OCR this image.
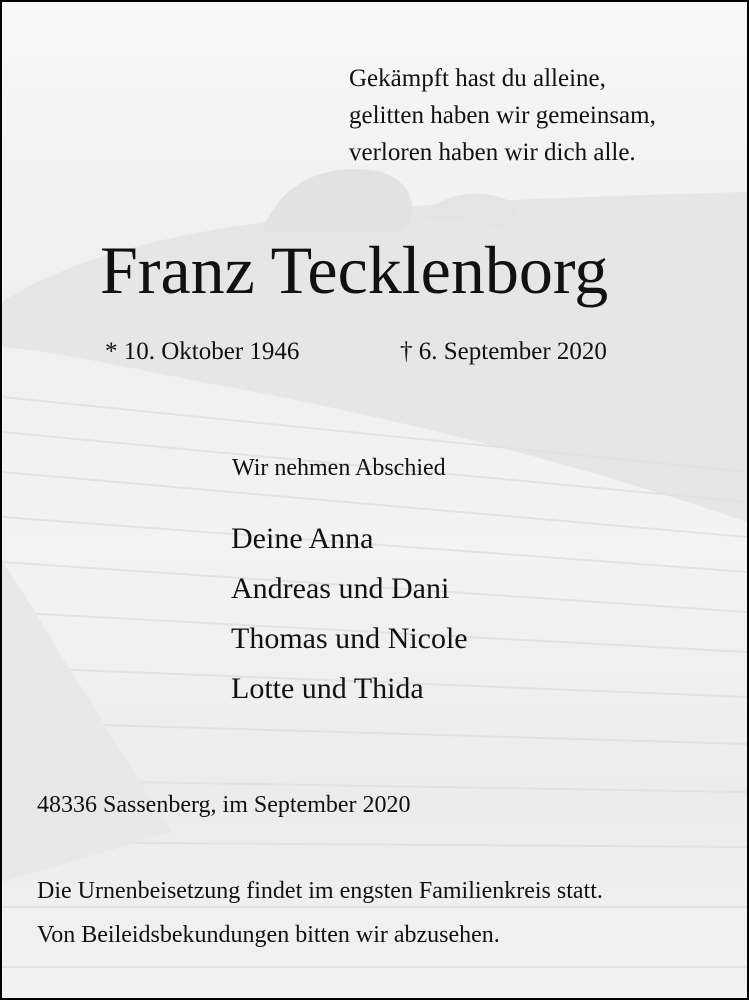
Gekämpft hast du alleine,
gelitten haben wir gemeinsam,
verloren haben wir dich alle.
Franz Tecklenborg
* 10. Oktober 1946	† 6. September 2020
Wir nehmen Abschied
Deine Anna
Andreas und Dani
Thomas und Nicole
Lotte und Thida
48336 Sassenberg, im September 2020
Die Urnenbeisetzung findet im engsten Familienkreis statt.
Von Beileidsbekundungen bitten wir abzusehen.
